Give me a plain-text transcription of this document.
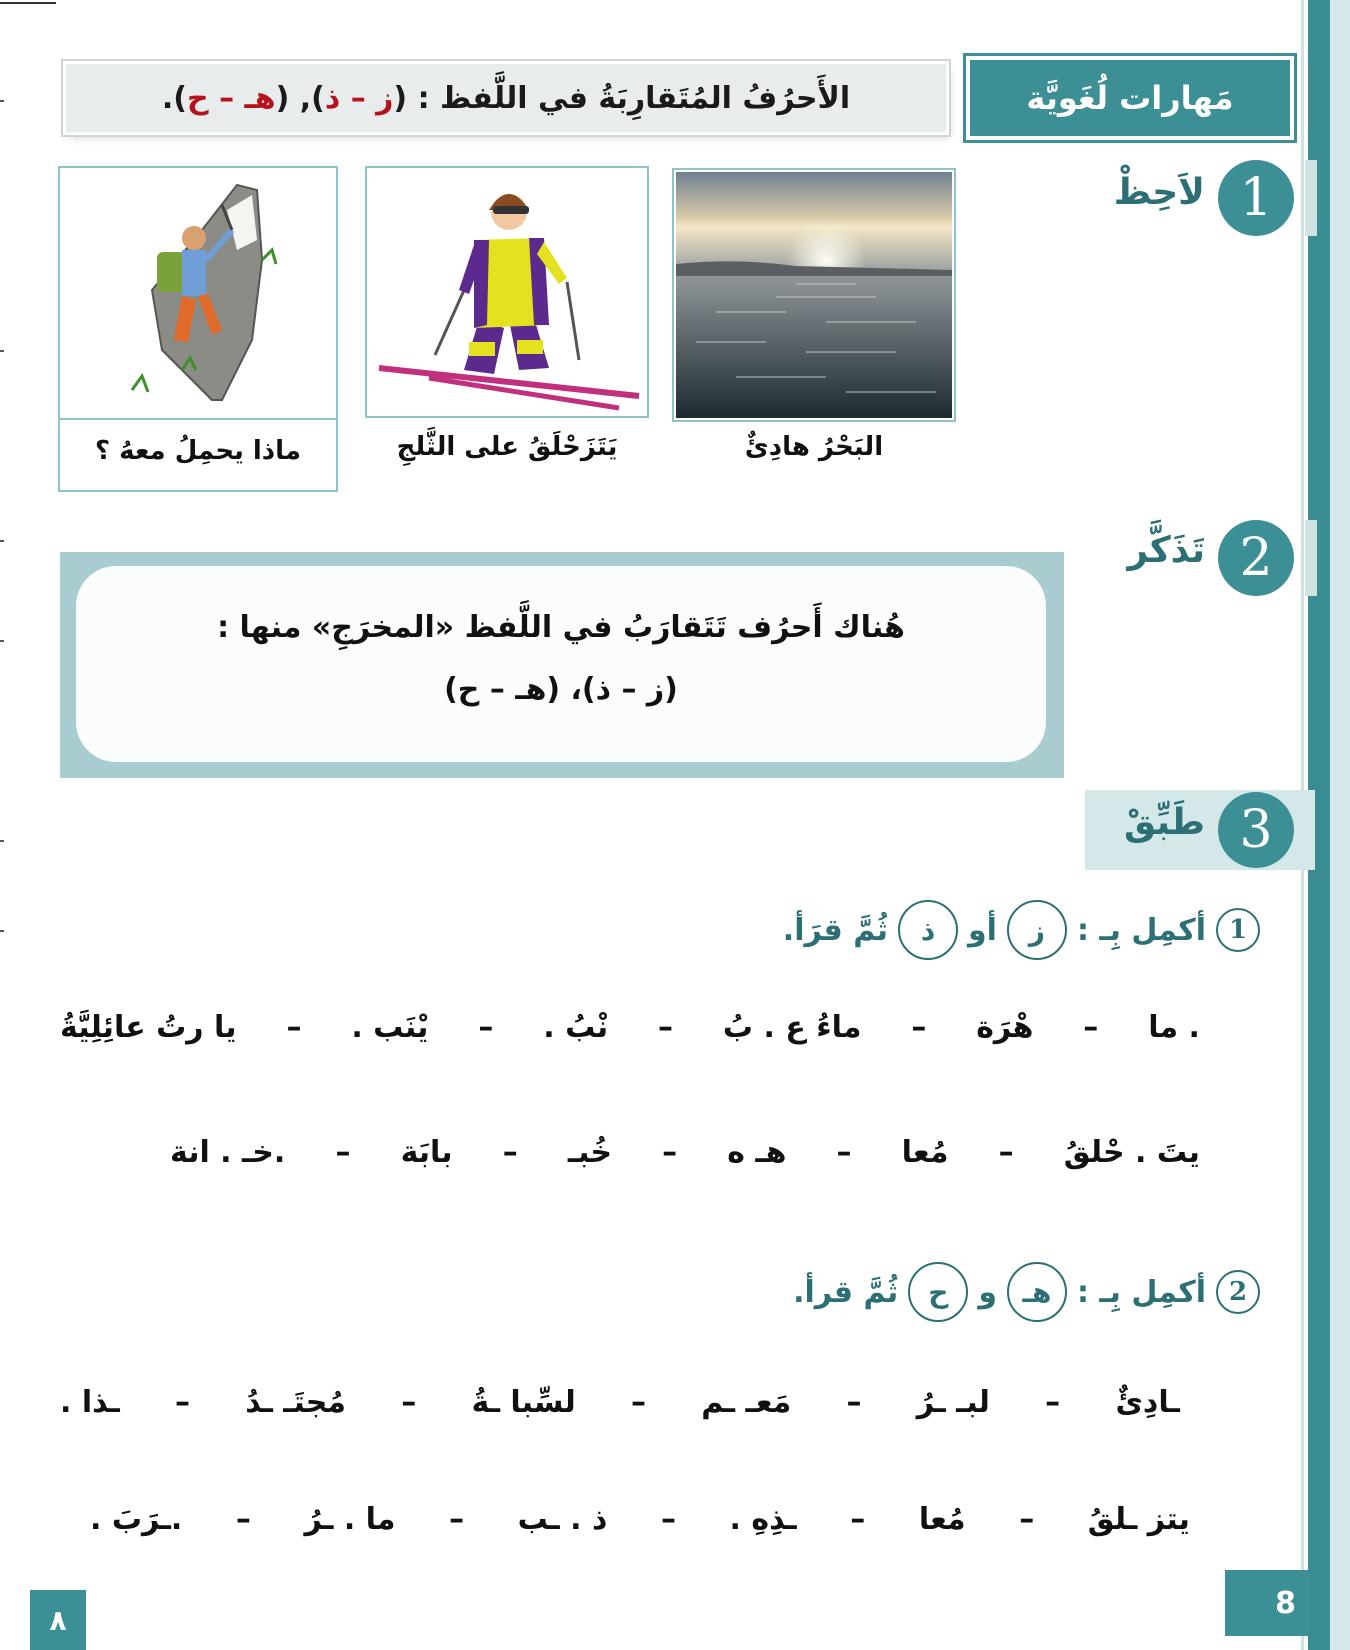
مَهارات لُغَويَّة
الأَحرُفُ المُتَقارِبَةُ في اللَّفظ : (
ز – ذ
), (
هـ – ح
).
1
لاَحِظْ
البَحْرُ هادِئٌ
يَتَزَحْلَقُ على الثَّلجِ
ماذا يحمِلُ معهُ ؟
2
تَذَكَّر
هُناك أَحرُف تَتَقارَبُ في اللَّفظ «المخرَجِ» منها :
(ز – ذ)، (هـ – ح)
3
طَبِّقْ
1
أكمِل بِـ :
ز
أو
ذ
ثُمَّ قرَأ.
ما .
–
هْرَة
–
ماءُ ع . بُ
–
. نْبُ
–
. يْنَب
–
يا رتُ عائِلِيَّةُ
يتَ . حْلقُ
–
مُعا
–
هـ ه
–
خُبـ
–
بابَة
–
خـ . انة.
2
أكمِل بِـ :
هـ
و
ح
ثُمَّ قرأ.
ـادِئٌ
–
لبـ ـرُ
–
مَعـ ـم
–
لسِّبا ـةُ
–
مُجتَـ ـدُ
–
. ـذا
يتز ـلقُ
–
مُعا
–
. ـذِهِ
–
ذ . ـب
–
ما . ـرُ
–
. ـرَبَ.
8
٨
